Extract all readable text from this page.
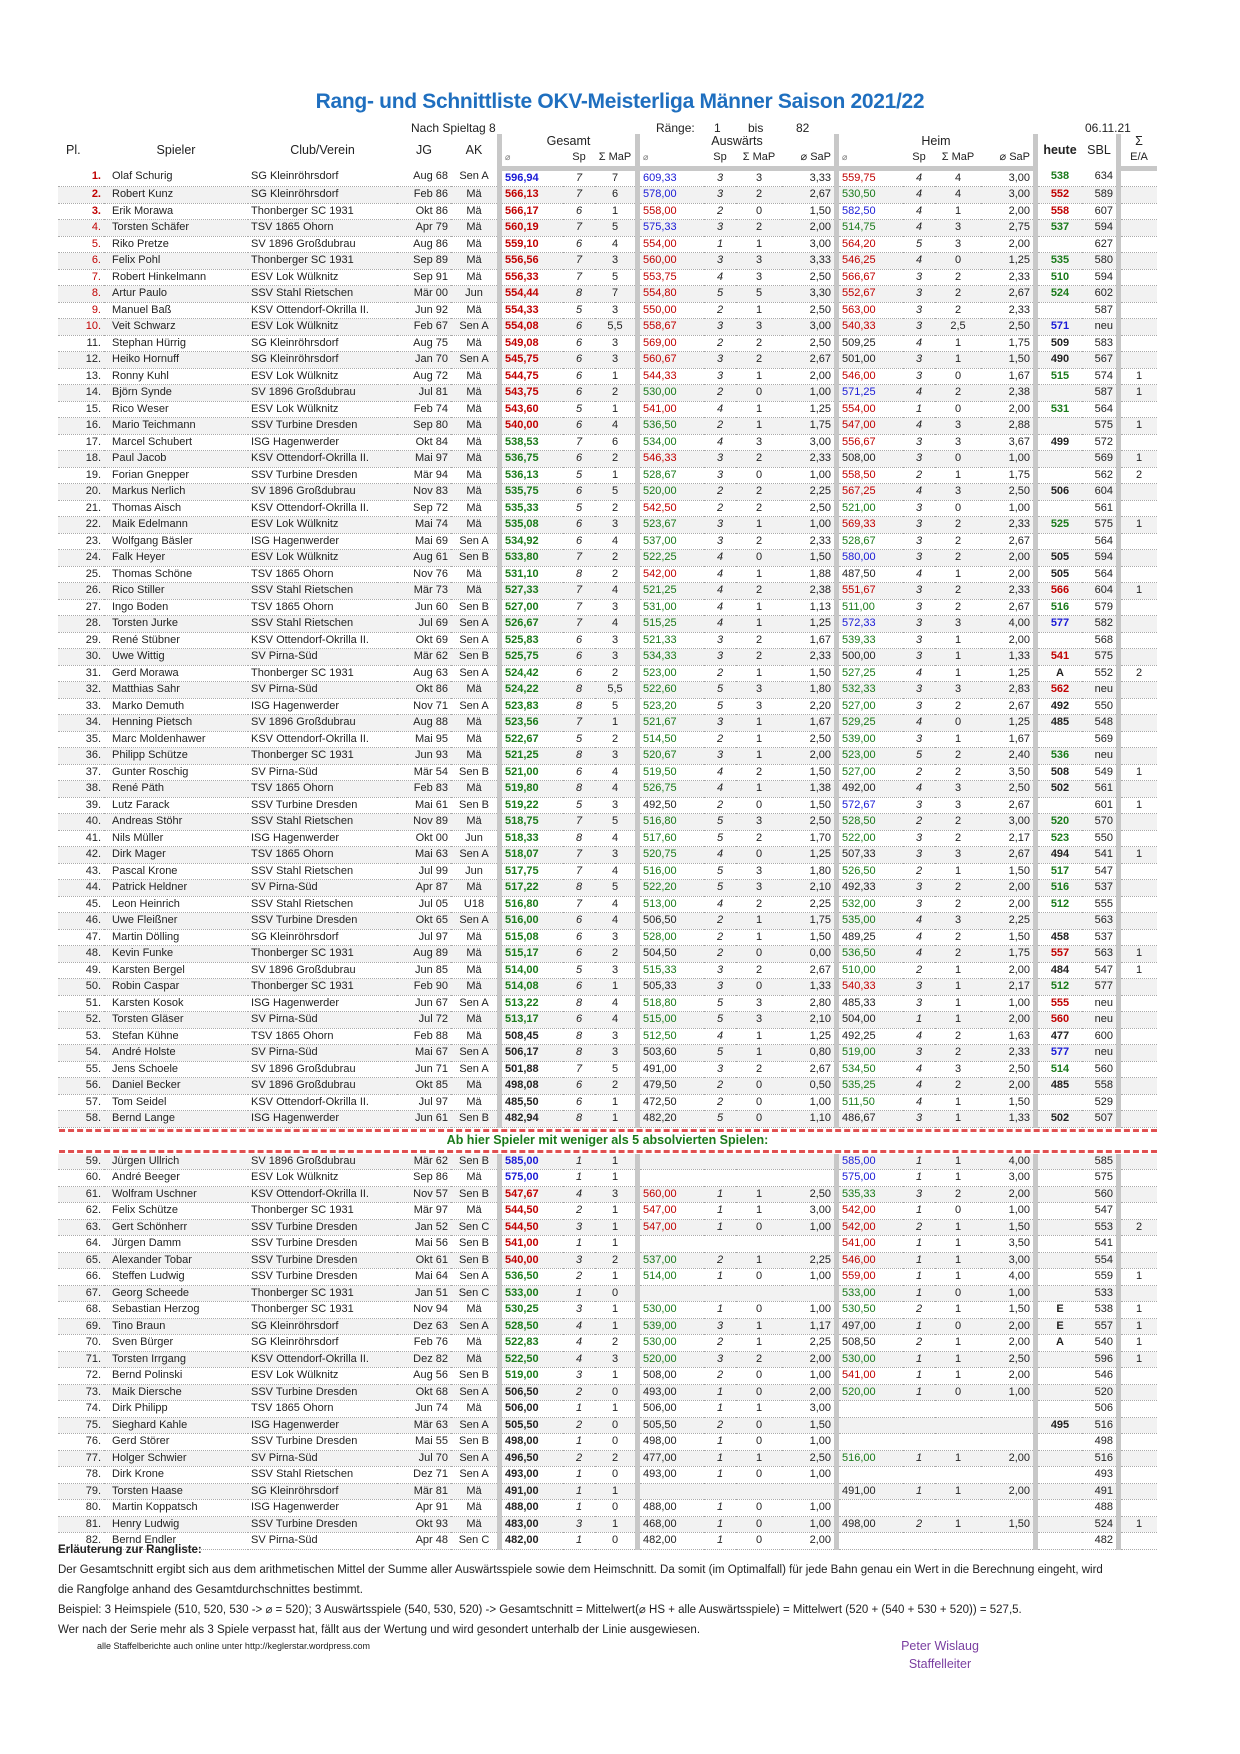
Rang- und Schnittliste OKV-Meisterliga Männer Saison 2021/22
Nach Spieltag 8	Ränge: 1 bis	82	06.11.21
Pl.	Spieler	Club/Verein	JG	AK	Gesamt			Auswärts				Heim				heute	SBL	Σ
					⌀	Sp	Σ MaP	⌀	Sp	Σ MaP	⌀ SaP	⌀	Sp	Σ MaP	⌀ SaP			E/A
1.	Olaf Schurig	SG Kleinröhrsdorf	Aug 68	Sen A	596,94	7	7	609,33	3	3	3,33	559,75	4	4	3,00	538	634	
2.	Robert Kunz	SG Kleinröhrsdorf	Feb 86	Mä	566,13	7	6	578,00	3	2	2,67	530,50	4	4	3,00	552	589	
3.	Erik Morawa	Thonberger SC 1931	Okt 86	Mä	566,17	6	1	558,00	2	0	1,50	582,50	4	1	2,00	558	607	
4.	Torsten Schäfer	TSV 1865 Ohorn	Apr 79	Mä	560,19	7	5	575,33	3	2	2,00	514,75	4	3	2,75	537	594	
5.	Riko Pretze	SV 1896 Großdubrau	Aug 86	Mä	559,10	6	4	554,00	1	1	3,00	564,20	5	3	2,00		627	
6.	Felix Pohl	Thonberger SC 1931	Sep 89	Mä	556,56	7	3	560,00	3	3	3,33	546,25	4	0	1,25	535	580	
7.	Robert Hinkelmann	ESV Lok Wülknitz	Sep 91	Mä	556,33	7	5	553,75	4	3	2,50	566,67	3	2	2,33	510	594	
8.	Artur Paulo	SSV Stahl Rietschen	Mär 00	Jun	554,44	8	7	554,80	5	5	3,30	552,67	3	2	2,67	524	602	
9.	Manuel Baß	KSV Ottendorf-Okrilla II.	Jun 92	Mä	554,33	5	3	550,00	2	1	2,50	563,00	3	2	2,33		587	
10.	Veit Schwarz	ESV Lok Wülknitz	Feb 67	Sen A	554,08	6	5,5	558,67	3	3	3,00	540,33	3	2,5	2,50	571	neu	
11.	Stephan Hürrig	SG Kleinröhrsdorf	Aug 75	Mä	549,08	6	3	569,00	2	2	2,50	509,25	4	1	1,75	509	583	
12.	Heiko Hornuff	SG Kleinröhrsdorf	Jan 70	Sen A	545,75	6	3	560,67	3	2	2,67	501,00	3	1	1,50	490	567	
13.	Ronny Kuhl	ESV Lok Wülknitz	Aug 72	Mä	544,75	6	1	544,33	3	1	2,00	546,00	3	0	1,67	515	574	1
14.	Björn Synde	SV 1896 Großdubrau	Jul 81	Mä	543,75	6	2	530,00	2	0	1,00	571,25	4	2	2,38		587	1
15.	Rico Weser	ESV Lok Wülknitz	Feb 74	Mä	543,60	5	1	541,00	4	1	1,25	554,00	1	0	2,00	531	564	
16.	Mario Teichmann	SSV Turbine Dresden	Sep 80	Mä	540,00	6	4	536,50	2	1	1,75	547,00	4	3	2,88		575	1
17.	Marcel Schubert	ISG Hagenwerder	Okt 84	Mä	538,53	7	6	534,00	4	3	3,00	556,67	3	3	3,67	499	572	
18.	Paul Jacob	KSV Ottendorf-Okrilla II.	Mai 97	Mä	536,75	6	2	546,33	3	2	2,33	508,00	3	0	1,00		569	1
19.	Forian Gnepper	SSV Turbine Dresden	Mär 94	Mä	536,13	5	1	528,67	3	0	1,00	558,50	2	1	1,75		562	2
20.	Markus Nerlich	SV 1896 Großdubrau	Nov 83	Mä	535,75	6	5	520,00	2	2	2,25	567,25	4	3	2,50	506	604	
21.	Thomas Aisch	KSV Ottendorf-Okrilla II.	Sep 72	Mä	535,33	5	2	542,50	2	2	2,50	521,00	3	0	1,00		561	
22.	Maik Edelmann	ESV Lok Wülknitz	Mai 74	Mä	535,08	6	3	523,67	3	1	1,00	569,33	3	2	2,33	525	575	1
23.	Wolfgang Bäsler	ISG Hagenwerder	Mai 69	Sen A	534,92	6	4	537,00	3	2	2,33	528,67	3	2	2,67		564	
24.	Falk Heyer	ESV Lok Wülknitz	Aug 61	Sen B	533,80	7	2	522,25	4	0	1,50	580,00	3	2	2,00	505	594	
25.	Thomas Schöne	TSV 1865 Ohorn	Nov 76	Mä	531,10	8	2	542,00	4	1	1,88	487,50	4	1	2,00	505	564	
26.	Rico Stiller	SSV Stahl Rietschen	Mär 73	Mä	527,33	7	4	521,25	4	2	2,38	551,67	3	2	2,33	566	604	1
27.	Ingo Boden	TSV 1865 Ohorn	Jun 60	Sen B	527,00	7	3	531,00	4	1	1,13	511,00	3	2	2,67	516	579	
28.	Torsten Jurke	SSV Stahl Rietschen	Jul 69	Sen A	526,67	7	4	515,25	4	1	1,25	572,33	3	3	4,00	577	582	
29.	René Stübner	KSV Ottendorf-Okrilla II.	Okt 69	Sen A	525,83	6	3	521,33	3	2	1,67	539,33	3	1	2,00		568	
30.	Uwe Wittig	SV Pirna-Süd	Mär 62	Sen B	525,75	6	3	534,33	3	2	2,33	500,00	3	1	1,33	541	575	
31.	Gerd Morawa	Thonberger SC 1931	Aug 63	Sen A	524,42	6	2	523,00	2	1	1,50	527,25	4	1	1,25	A	552	2
32.	Matthias Sahr	SV Pirna-Süd	Okt 86	Mä	524,22	8	5,5	522,60	5	3	1,80	532,33	3	3	2,83	562	neu	
33.	Marko Demuth	ISG Hagenwerder	Nov 71	Sen A	523,83	8	5	523,20	5	3	2,20	527,00	3	2	2,67	492	550	
34.	Henning Pietsch	SV 1896 Großdubrau	Aug 88	Mä	523,56	7	1	521,67	3	1	1,67	529,25	4	0	1,25	485	548	
35.	Marc Moldenhawer	KSV Ottendorf-Okrilla II.	Mai 95	Mä	522,67	5	2	514,50	2	1	2,50	539,00	3	1	1,67		569	
36.	Philipp Schütze	Thonberger SC 1931	Jun 93	Mä	521,25	8	3	520,67	3	1	2,00	523,00	5	2	2,40	536	neu	
37.	Gunter Roschig	SV Pirna-Süd	Mär 54	Sen B	521,00	6	4	519,50	4	2	1,50	527,00	2	2	3,50	508	549	1
38.	René Päth	TSV 1865 Ohorn	Feb 83	Mä	519,80	8	4	526,75	4	1	1,38	492,00	4	3	2,50	502	561	
39.	Lutz Farack	SSV Turbine Dresden	Mai 61	Sen B	519,22	5	3	492,50	2	0	1,50	572,67	3	3	2,67		601	1
40.	Andreas Stöhr	SSV Stahl Rietschen	Nov 89	Mä	518,75	7	5	516,80	5	3	2,50	528,50	2	2	3,00	520	570	
41.	Nils Müller	ISG Hagenwerder	Okt 00	Jun	518,33	8	4	517,60	5	2	1,70	522,00	3	2	2,17	523	550	
42.	Dirk Mager	TSV 1865 Ohorn	Mai 63	Sen A	518,07	7	3	520,75	4	0	1,25	507,33	3	3	2,67	494	541	1
43.	Pascal Krone	SSV Stahl Rietschen	Jul 99	Jun	517,75	7	4	516,00	5	3	1,80	526,50	2	1	1,50	517	547	
44.	Patrick Heldner	SV Pirna-Süd	Apr 87	Mä	517,22	8	5	522,20	5	3	2,10	492,33	3	2	2,00	516	537	
45.	Leon Heinrich	SSV Stahl Rietschen	Jul 05	U18	516,80	7	4	513,00	4	2	2,25	532,00	3	2	2,00	512	555	
46.	Uwe Fleißner	SSV Turbine Dresden	Okt 65	Sen A	516,00	6	4	506,50	2	1	1,75	535,00	4	3	2,25		563	
47.	Martin Dölling	SG Kleinröhrsdorf	Jul 97	Mä	515,08	6	3	528,00	2	1	1,50	489,25	4	2	1,50	458	537	
48.	Kevin Funke	Thonberger SC 1931	Aug 89	Mä	515,17	6	2	504,50	2	0	0,00	536,50	4	2	1,75	557	563	1
49.	Karsten Bergel	SV 1896 Großdubrau	Jun 85	Mä	514,00	5	3	515,33	3	2	2,67	510,00	2	1	2,00	484	547	1
50.	Robin Caspar	Thonberger SC 1931	Feb 90	Mä	514,08	6	1	505,33	3	0	1,33	540,33	3	1	2,17	512	577	
51.	Karsten Kosok	ISG Hagenwerder	Jun 67	Sen A	513,22	8	4	518,80	5	3	2,80	485,33	3	1	1,00	555	neu	
52.	Torsten Gläser	SV Pirna-Süd	Jul 72	Mä	513,17	6	4	515,00	5	3	2,10	504,00	1	1	2,00	560	neu	
53.	Stefan Kühne	TSV 1865 Ohorn	Feb 88	Mä	508,45	8	3	512,50	4	1	1,25	492,25	4	2	1,63	477	600	
54.	André Holste	SV Pirna-Süd	Mai 67	Sen A	506,17	8	3	503,60	5	1	0,80	519,00	3	2	2,33	577	neu	
55.	Jens Schoele	SV 1896 Großdubrau	Jun 71	Sen A	501,88	7	5	491,00	3	2	2,67	534,50	4	3	2,50	514	560	
56.	Daniel Becker	SV 1896 Großdubrau	Okt 85	Mä	498,08	6	2	479,50	2	0	0,50	535,25	4	2	2,00	485	558	
57.	Tom Seidel	KSV Ottendorf-Okrilla II.	Jul 97	Mä	485,50	6	1	472,50	2	0	1,00	511,50	4	1	1,50		529	
58.	Bernd Lange	ISG Hagenwerder	Jun 61	Sen B	482,94	8	1	482,20	5	0	1,10	486,67	3	1	1,33	502	507	

Ab hier Spieler mit weniger als 5 absolvierten Spielen:																		

59.	Jürgen Ullrich	SV 1896 Großdubrau	Mär 62	Sen B	585,00	1	1					585,00	1	1	4,00		585	
60.	André Beeger	ESV Lok Wülknitz	Sep 86	Mä	575,00	1	1					575,00	1	1	3,00		575	
61.	Wolfram Uschner	KSV Ottendorf-Okrilla II.	Nov 57	Sen B	547,67	4	3	560,00	1	1	2,50	535,33	3	2	2,00		560	
62.	Felix Schütze	Thonberger SC 1931	Mär 97	Mä	544,50	2	1	547,00	1	1	3,00	542,00	1	0	1,00		547	
63.	Gert Schönherr	SSV Turbine Dresden	Jan 52	Sen C	544,50	3	1	547,00	1	0	1,00	542,00	2	1	1,50		553	2
64.	Jürgen Damm	SSV Turbine Dresden	Mai 56	Sen B	541,00	1	1					541,00	1	1	3,50		541	
65.	Alexander Tobar	SSV Turbine Dresden	Okt 61	Sen B	540,00	3	2	537,00	2	1	2,25	546,00	1	1	3,00		554	
66.	Steffen Ludwig	SSV Turbine Dresden	Mai 64	Sen A	536,50	2	1	514,00	1	0	1,00	559,00	1	1	4,00		559	1
67.	Georg Scheede	Thonberger SC 1931	Jan 51	Sen C	533,00	1	0					533,00	1	0	1,00		533	
68.	Sebastian Herzog	Thonberger SC 1931	Nov 94	Mä	530,25	3	1	530,00	1	0	1,00	530,50	2	1	1,50	E	538	1
69.	Tino Braun	SG Kleinröhrsdorf	Dez 63	Sen A	528,50	4	1	539,00	3	1	1,17	497,00	1	0	2,00	E	557	1
70.	Sven Bürger	SG Kleinröhrsdorf	Feb 76	Mä	522,83	4	2	530,00	2	1	2,25	508,50	2	1	2,00	A	540	1
71.	Torsten Irrgang	KSV Ottendorf-Okrilla II.	Dez 82	Mä	522,50	4	3	520,00	3	2	2,00	530,00	1	1	2,50		596	1
72.	Bernd Polinski	ESV Lok Wülknitz	Aug 56	Sen B	519,00	3	1	508,00	2	0	1,00	541,00	1	1	2,00		546	
73.	Maik Diersche	SSV Turbine Dresden	Okt 68	Sen A	506,50	2	0	493,00	1	0	2,00	520,00	1	0	1,00		520	
74.	Dirk Philipp	TSV 1865 Ohorn	Jun 74	Mä	506,00	1	1	506,00	1	1	3,00						506	
75.	Sieghard Kahle	ISG Hagenwerder	Mär 63	Sen A	505,50	2	0	505,50	2	0	1,50					495	516	
76.	Gerd Störer	SSV Turbine Dresden	Mai 55	Sen B	498,00	1	0	498,00	1	0	1,00						498	
77.	Holger Schwier	SV Pirna-Süd	Jul 70	Sen A	496,50	2	2	477,00	1	1	2,50	516,00	1	1	2,00		516	
78.	Dirk Krone	SSV Stahl Rietschen	Dez 71	Sen A	493,00	1	0	493,00	1	0	1,00						493	
79.	Torsten Haase	SG Kleinröhrsdorf	Mär 81	Mä	491,00	1	1					491,00	1	1	2,00		491	
80.	Martin Koppatsch	ISG Hagenwerder	Apr 91	Mä	488,00	1	0	488,00	1	0	1,00						488	
81.	Henry Ludwig	SSV Turbine Dresden	Okt 93	Mä	483,00	3	1	468,00	1	0	1,00	498,00	2	1	1,50		524	1
82.	Bernd Endler	SV Pirna-Süd	Apr 48	Sen C	482,00	1	0	482,00	1	0	2,00						482	
Erläuterung zur Rangliste:
Der Gesamtschnitt ergibt sich aus dem arithmetischen Mittel der Summe aller Auswärtsspiele sowie dem Heimschnitt. Da somit (im Optimalfall) für jede Bahn genau ein Wert in die Berechnung eingeht, wird
die Rangfolge anhand des Gesamtdurchschnittes bestimmt.
Beispiel: 3 Heimspiele (510, 520, 530 -> ⌀ = 520); 3 Auswärtsspiele (540, 530, 520) -> Gesamtschnitt = Mittelwert(⌀ HS + alle Auswärtsspiele) = Mittelwert (520 + (540 + 530 + 520)) = 527,5.
Wer nach der Serie mehr als 3 Spiele verpasst hat, fällt aus der Wertung und wird gesondert unterhalb der Linie ausgewiesen.
alle Staffelberichte auch online unter http://keglerstar.wordpress.com	Peter Wislaug
Staffelleiter
